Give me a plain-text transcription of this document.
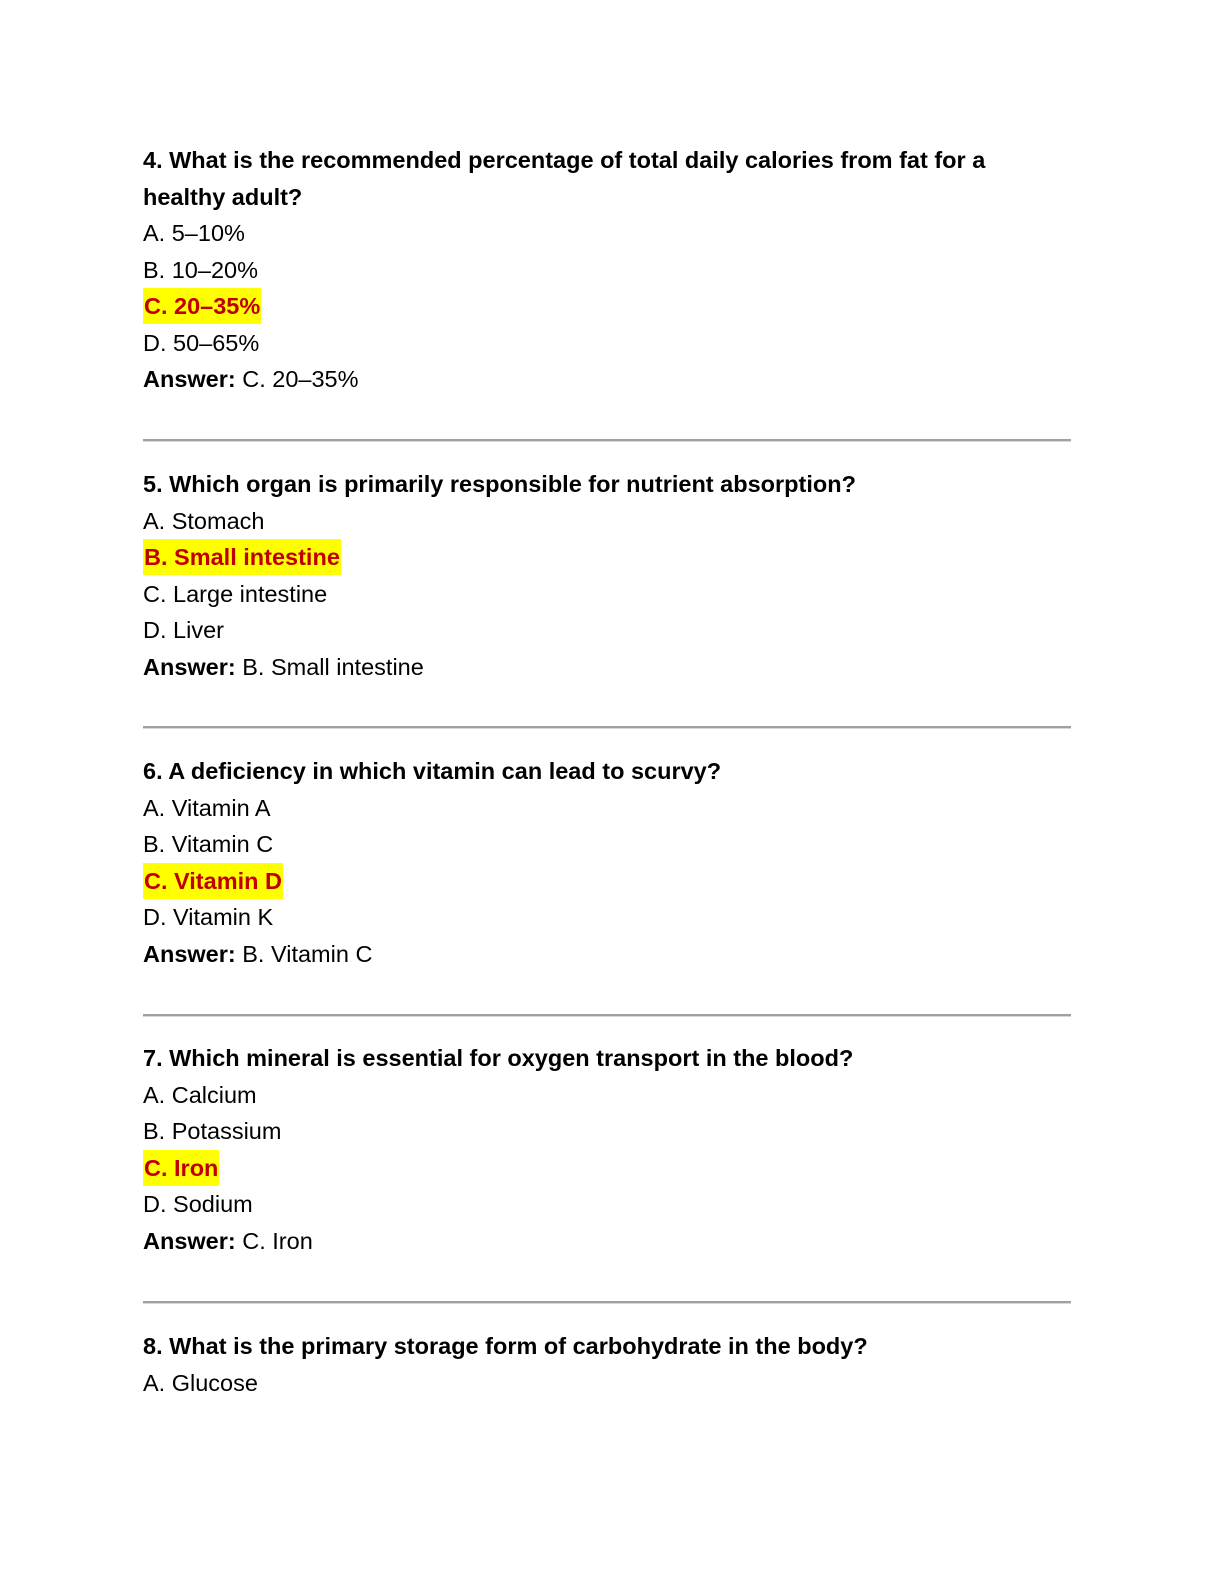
4. What is the recommended percentage of total daily calories from fat for a healthy adult?

A. 5–10%

B. 10–20%

C. 20–35%

D. 50–65%

Answer: C. 20–35%

5. Which organ is primarily responsible for nutrient absorption?

A. Stomach

B. Small intestine

C. Large intestine

D. Liver

Answer: B. Small intestine

6. A deficiency in which vitamin can lead to scurvy?

A. Vitamin A

B. Vitamin C

C. Vitamin D

D. Vitamin K

Answer: B. Vitamin C

7. Which mineral is essential for oxygen transport in the blood?

A. Calcium

B. Potassium

C. Iron

D. Sodium

Answer: C. Iron

8. What is the primary storage form of carbohydrate in the body?

A. Glucose
